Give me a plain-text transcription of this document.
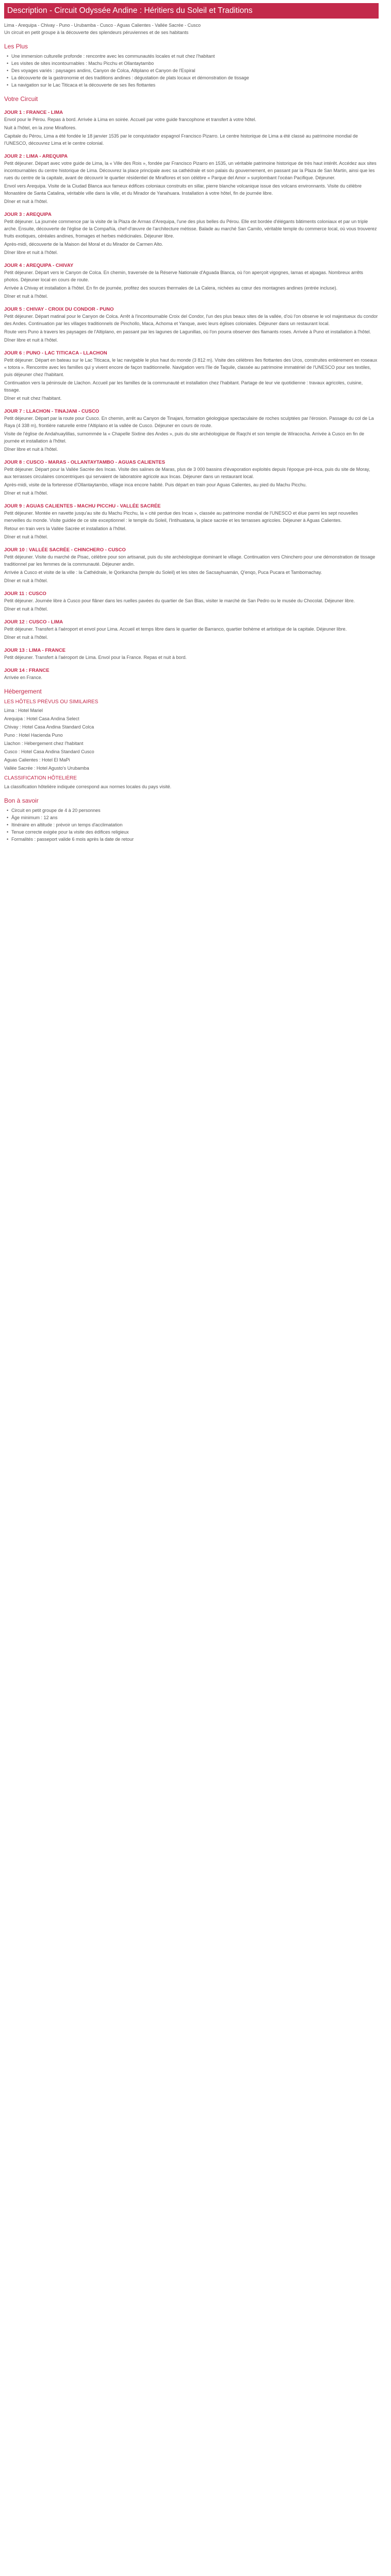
Description - Circuit Odyssée Andine : Héritiers du Soleil et Traditions
Lima - Arequipa - Chivay - Puno - Urubamba - Cusco - Aguas Calientes - Vallée Sacrée - Cusco
Un circuit en petit groupe à la découverte des splendeurs péruviennes et de ses habitants
Les Plus
• Une immersion culturelle profonde : rencontre avec les communautés locales et nuit chez l'habitant
• Les visites de sites incontournables : Machu Picchu et Ollantaytambo
• Des voyages variés : paysages andins, Canyon de Colca, Altiplano et Canyon de l'Espiral
• La découverte de la gastronomie et des traditions andines : dégustation de plats locaux et démonstration de tissage
• La navigation sur le Lac Titicaca et la découverte de ses îles flottantes
Votre Circuit
JOUR 1 : FRANCE - LIMA
Envol pour le Pérou. Repas à bord. Arrivée à Lima en soirée. Accueil par votre guide francophone et transfert à votre hôtel.
Nuit à l'hôtel, en la zone Miraflores.
Capitale du Pérou, Lima a été fondée le 18 janvier 1535 par le conquistador espagnol Francisco Pizarro. Le centre historique de Lima a été classé au patrimoine mondial de l'UNESCO, découvrez Lima et le centre colonial.
JOUR 2 : LIMA - AREQUIPA
Petit déjeuner. Départ avec votre guide de Lima, la « Ville des Rois », fondée par Francisco Pizarro en 1535, un véritable patrimoine historique de très haut intérêt. Accédez aux sites incontournables du centre historique de Lima. Découvrez la place principale avec sa cathédrale et son palais du gouvernement, en passant par la Plaza de San Martin, ainsi que les rues du centre de la capitale, avant de découvrir le quartier résidentiel de Miraflores et son célèbre « Parque del Amor » surplombant l'océan Pacifique. Déjeuner.
Envol vers Arequipa. Visite de la Ciudad Blanca aux fameux édifices coloniaux construits en sillar, pierre blanche volcanique issue des volcans environnants. Visite du célèbre Monastère de Santa Catalina, véritable ville dans la ville, et du Mirador de Yanahuara. Installation à votre hôtel, fin de journée libre.
Dîner et nuit à l'hôtel.
JOUR 3 : AREQUIPA
Petit déjeuner. La journée commence par la visite de la Plaza de Armas d'Arequipa, l'une des plus belles du Pérou. Elle est bordée d'élégants bâtiments coloniaux et par un triple arche. Ensuite, découverte de l'église de la Compañía, chef-d'œuvre de l'architecture métisse. Balade au marché San Camilo, véritable temple du commerce local, où vous trouverez fruits exotiques, céréales andines, fromages et herbes médicinales. Déjeuner libre.
Après-midi, découverte de la Maison del Moral et du Mirador de Carmen Alto.
Dîner libre et nuit à l'hôtel.
JOUR 4 : AREQUIPA - CHIVAY
Petit déjeuner. Départ vers le Canyon de Colca. En chemin, traversée de la Réserve Nationale d'Aguada Blanca, où l'on aperçoit vigognes, lamas et alpagas. Nombreux arrêts photos. Déjeuner local en cours de route.
Arrivée à Chivay et installation à l'hôtel. En fin de journée, profitez des sources thermales de La Calera, nichées au cœur des montagnes andines (entrée incluse).
Dîner et nuit à l'hôtel.
JOUR 5 : CHIVAY - CROIX DU CONDOR - PUNO
Petit déjeuner. Départ matinal pour le Canyon de Colca. Arrêt à l'incontournable Croix del Condor, l'un des plus beaux sites de la vallée, d'où l'on observe le vol majestueux du condor des Andes. Continuation par les villages traditionnels de Pinchollo, Maca, Achoma et Yanque, avec leurs églises coloniales. Déjeuner dans un restaurant local.
Route vers Puno à travers les paysages de l'Altiplano, en passant par les lagunes de Lagunillas, où l'on pourra observer des flamants roses. Arrivée à Puno et installation à l'hôtel.
Dîner libre et nuit à l'hôtel.
JOUR 6 : PUNO - LAC TITICACA - LLACHON
Petit déjeuner. Départ en bateau sur le Lac Titicaca, le lac navigable le plus haut du monde (3 812 m). Visite des célèbres îles flottantes des Uros, construites entièrement en roseaux « totora ». Rencontre avec les familles qui y vivent encore de façon traditionnelle. Navigation vers l'île de Taquile, classée au patrimoine immatériel de l'UNESCO pour ses textiles, puis déjeuner chez l'habitant.
Continuation vers la péninsule de Llachon. Accueil par les familles de la communauté et installation chez l'habitant. Partage de leur vie quotidienne : travaux agricoles, cuisine, tissage.
Dîner et nuit chez l'habitant.
JOUR 7 : LLACHON - TINAJANI - CUSCO
Petit déjeuner. Départ par la route pour Cusco. En chemin, arrêt au Canyon de Tinajani, formation géologique spectaculaire de roches sculptées par l'érosion. Passage du col de La Raya (4 338 m), frontière naturelle entre l'Altiplano et la vallée de Cusco. Déjeuner en cours de route.
Visite de l'église de Andahuaylillas, surnommée la « Chapelle Sixtine des Andes », puis du site archéologique de Raqchi et son temple de Wiracocha. Arrivée à Cusco en fin de journée et installation à l'hôtel.
Dîner libre et nuit à l'hôtel.
JOUR 8 : CUSCO - MARAS - OLLANTAYTAMBO - AGUAS CALIENTES
Petit déjeuner. Départ pour la Vallée Sacrée des Incas. Visite des salines de Maras, plus de 3 000 bassins d'évaporation exploités depuis l'époque pré-inca, puis du site de Moray, aux terrasses circulaires concentriques qui servaient de laboratoire agricole aux Incas. Déjeuner dans un restaurant local.
Après-midi, visite de la forteresse d'Ollantaytambo, village inca encore habité. Puis départ en train pour Aguas Calientes, au pied du Machu Picchu.
Dîner et nuit à l'hôtel.
JOUR 9 : AGUAS CALIENTES - MACHU PICCHU - VALLÉE SACRÉE
Petit déjeuner. Montée en navette jusqu'au site du Machu Picchu, la « cité perdue des Incas », classée au patrimoine mondial de l'UNESCO et élue parmi les sept nouvelles merveilles du monde. Visite guidée de ce site exceptionnel : le temple du Soleil, l'Intihuatana, la place sacrée et les terrasses agricoles. Déjeuner à Aguas Calientes.
Retour en train vers la Vallée Sacrée et installation à l'hôtel.
Dîner et nuit à l'hôtel.
JOUR 10 : VALLÉE SACRÉE - CHINCHERO - CUSCO
Petit déjeuner. Visite du marché de Pisac, célèbre pour son artisanat, puis du site archéologique dominant le village. Continuation vers Chinchero pour une démonstration de tissage traditionnel par les femmes de la communauté. Déjeuner andin.
Arrivée à Cusco et visite de la ville : la Cathédrale, le Qorikancha (temple du Soleil) et les sites de Sacsayhuamán, Q'enqo, Puca Pucara et Tambomachay.
Dîner et nuit à l'hôtel.
JOUR 11 : CUSCO
Petit déjeuner. Journée libre à Cusco pour flâner dans les ruelles pavées du quartier de San Blas, visiter le marché de San Pedro ou le musée du Chocolat. Déjeuner libre.
Dîner et nuit à l'hôtel.
JOUR 12 : CUSCO - LIMA
Petit déjeuner. Transfert à l'aéroport et envol pour Lima. Accueil et temps libre dans le quartier de Barranco, quartier bohème et artistique de la capitale. Déjeuner libre.
Dîner et nuit à l'hôtel.
JOUR 13 : LIMA - FRANCE
Petit déjeuner. Transfert à l'aéroport de Lima. Envol pour la France. Repas et nuit à bord.
JOUR 14 : FRANCE
Arrivée en France.
Hébergement
LES HÔTELS PRÉVUS OU SIMILAIRES
Lima : Hotel Mariel
Arequipa : Hotel Casa Andina Select
Chivay : Hotel Casa Andina Standard Colca
Puno : Hotel Hacienda Puno
Llachon : Hébergement chez l'habitant
Cusco : Hotel Casa Andina Standard Cusco
Aguas Calientes : Hotel El MaPi
Vallée Sacrée : Hotel Agusto's Urubamba
CLASSIFICATION HÔTELIÈRE
La classification hôtelière indiquée correspond aux normes locales du pays visité.
Bon à savoir
• Circuit en petit groupe de 4 à 20 personnes
• Âge minimum : 12 ans
• Itinéraire en altitude : prévoir un temps d'acclimatation
• Tenue correcte exigée pour la visite des édifices religieux
• Formalités : passeport valide 6 mois après la date de retour
